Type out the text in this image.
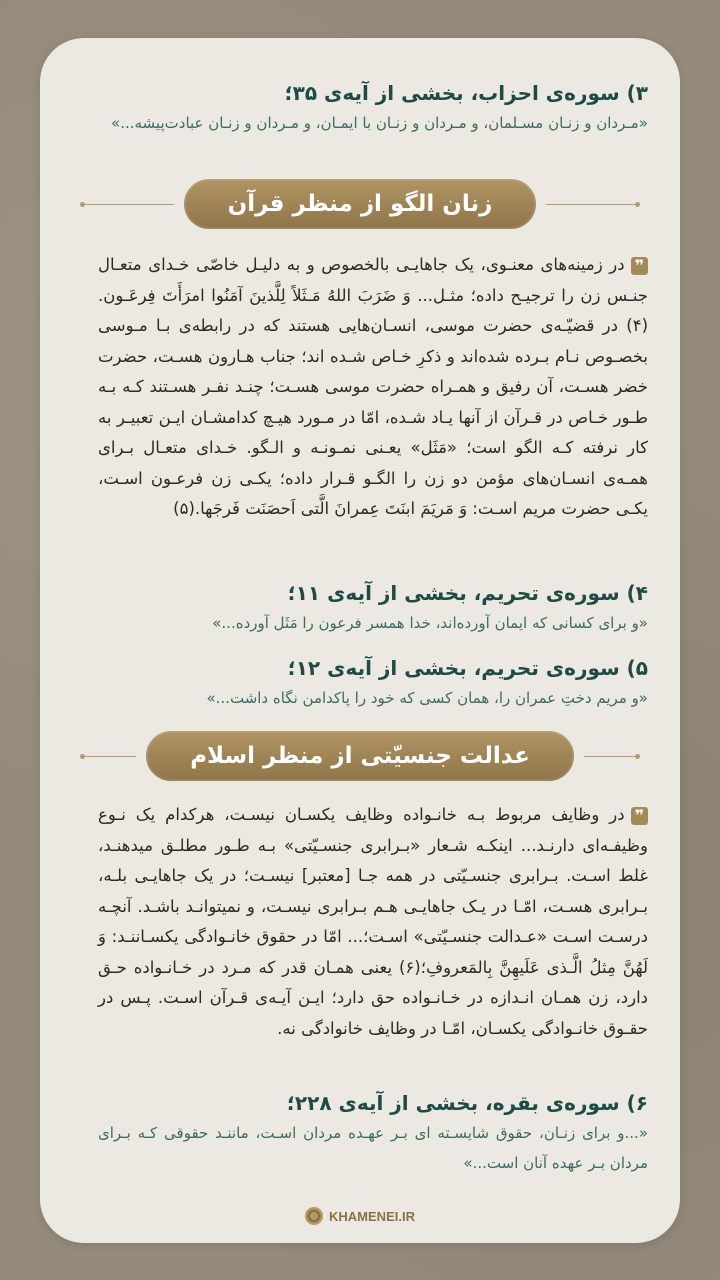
۳) سوره‌ی احزاب، بخشی از آیه‌ی ۳۵؛

«مـردان و زنـان مسـلمان، و مـردان و زنـان با ایمـان، و مـردان و زنـان عبادت‌پیشه...»

زنان الگو از منظر قرآن

❞در زمینه‌های معنـوی، یک جاهایـی بالخصوص و به دلیـل خاصّی خـدای متعـال جنـس زن را ترجیـح داده؛ مثـل... وَ ضَرَبَ اللهُ مَـثَلاً لِلَّذینَ آمَنُوا امرَأَتَ فِرعَـون.(۴) در قضیّـه‌ی حضرت موسی، انسـان‌هایی هستند که در رابطه‌ی بـا مـوسی بخصـوص نـام بـرده شده‌اند و ذکرِ خـاص شـده اند؛ جناب هـارون هسـت، حضرت خضر هسـت، آن رفیق و همـراه حضرت موسی هسـت؛ چنـد نفـر هسـتند کـه بـه طـور خـاص در قـرآن از آنها یـاد شـده، امّا در مـورد هیـچ کدامشـان ایـن تعبیـر به کار نرفته کـه الگو است؛ «مَثَل» یعـنی نمـونـه و الـگو. خـدای متعـال بـرای همـه‌ی انسـان‌های مؤمن دو زن را الگـو قـرار داده؛ یکـی زن فرعـون اسـت، یکـی حضرت مریم اسـت: وَ مَریَمَ ابنَتَ عِمرانَ الَّتی اَحصَنَت فَرجَها.(۵)

۴) سوره‌ی تحریم، بخشی از آیه‌ی ۱۱؛

«و برای کسانی که ایمان آورده‌اند، خدا همسر فرعون را مَثَل آورده...»

۵) سوره‌ی تحریم، بخشی از آیه‌ی ۱۲؛

«و مریم دختِ عمران را، همان کسی که خود را پاکدامن نگاه داشت...»

عدالت جنسیّتی از منظر اسلام

❞در وظایف مربوط بـه خانـواده وظایف یکسـان نیسـت، هرکدام یک نـوع وظیفـه‌ای دارنـد... اینکـه شـعار «بـرابری جنسـیّتی» بـه طـور مطلـق میدهنـد، غلط اسـت. بـرابری جنسـیّتی در همه جـا [معتبر] نیسـت؛ در یک جاهایـی بلـه، بـرابری هسـت، امّـا در یـک جاهایـی هـم بـرابری نیسـت، و نمیتوانـد باشـد. آنچـه درسـت اسـت «عـدالت جنسـیّتی» اسـت؛... امّا در حقوق خانـوادگی یکسـاننـد: وَ لَهُنَّ مِثلُ الَّـذی عَلَیهِنَّ بِالمَعروفِ؛(۶) یعنی همـان قدر که مـرد در خـانـواده حـق دارد، زن همـان انـدازه در خـانـواده حق دارد؛ ایـن آیـه‌ی قـرآن اسـت. پـس در حقـوق خانـوادگی یکسـان، امّـا در وظایف خانوادگی نه.

۶) سوره‌ی بقره، بخشی از آیه‌ی ۲۲۸؛

«...و برای زنـان، حقوق شایسـته ای بـر عهـده مردان اسـت، ماننـد حقوقی کـه بـرای مردان بـر عهده آنان است...»

KHAMENEI.IR
